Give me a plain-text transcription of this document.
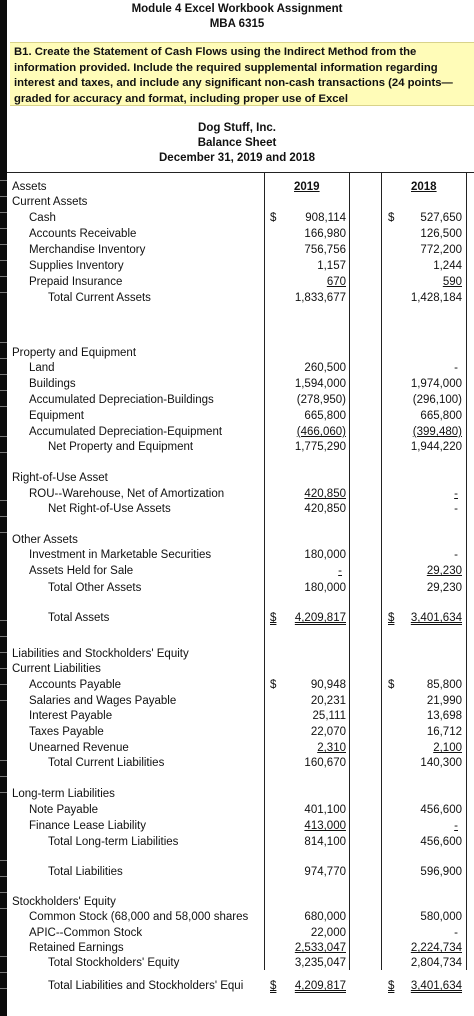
Module 4 Excel Workbook Assignment
MBA 6315

B1. Create the Statement of Cash Flows using the Indirect Method from the information provided. Include the required supplemental information regarding interest and taxes, and include any significant non-cash transactions (24 points—graded for accuracy and format, including proper use of Excel

Dog Stuff, Inc.
Balance Sheet
December 31, 2019 and 2018
2019	2018
Assets
Current Assets
Cash	908,114	527,650
$	$
Accounts Receivable	166,980	126,500
Merchandise Inventory	756,756	772,200
Supplies Inventory	1,157	1,244
Prepaid Insurance	670	590
Total Current Assets	1,833,677	1,428,184
Property and Equipment
Land	260,500	-
Buildings	1,594,000	1,974,000
Accumulated Depreciation-Buildings	(278,950)	(296,100)
Equipment	665,800	665,800
Accumulated Depreciation-Equipment	(466,060)	(399,480)
Net Property and Equipment	1,775,290	1,944,220
Right-of-Use Asset
ROU--Warehouse, Net of Amortization	420,850	-
Net Right-of-Use Assets	420,850	-
Other Assets
Investment in Marketable Securities	180,000	-
Assets Held for Sale	-	29,230
Total Other Assets	180,000	29,230
Total Assets	4,209,817	3,401,634
$	$
Liabilities and Stockholders' Equity
Current Liabilities
Accounts Payable	90,948	85,800
$	$
Salaries and Wages Payable	20,231	21,990
Interest Payable	25,111	13,698
Taxes Payable	22,070	16,712
Unearned Revenue	2,310	2,100
Total Current Liabilities	160,670	140,300
Long-term Liabilities
Note Payable	401,100	456,600
Finance Lease Liability	413,000	-
Total Long-term Liabilities	814,100	456,600
Total Liabilities	974,770	596,900
Stockholders' Equity
Common Stock (68,000 and 58,000 shares	680,000	580,000
APIC--Common Stock	22,000	-
Retained Earnings	2,533,047	2,224,734
Total Stockholders' Equity	3,235,047	2,804,734
Total Liabilities and Stockholders' Equi	4,209,817	3,401,634
$	$
